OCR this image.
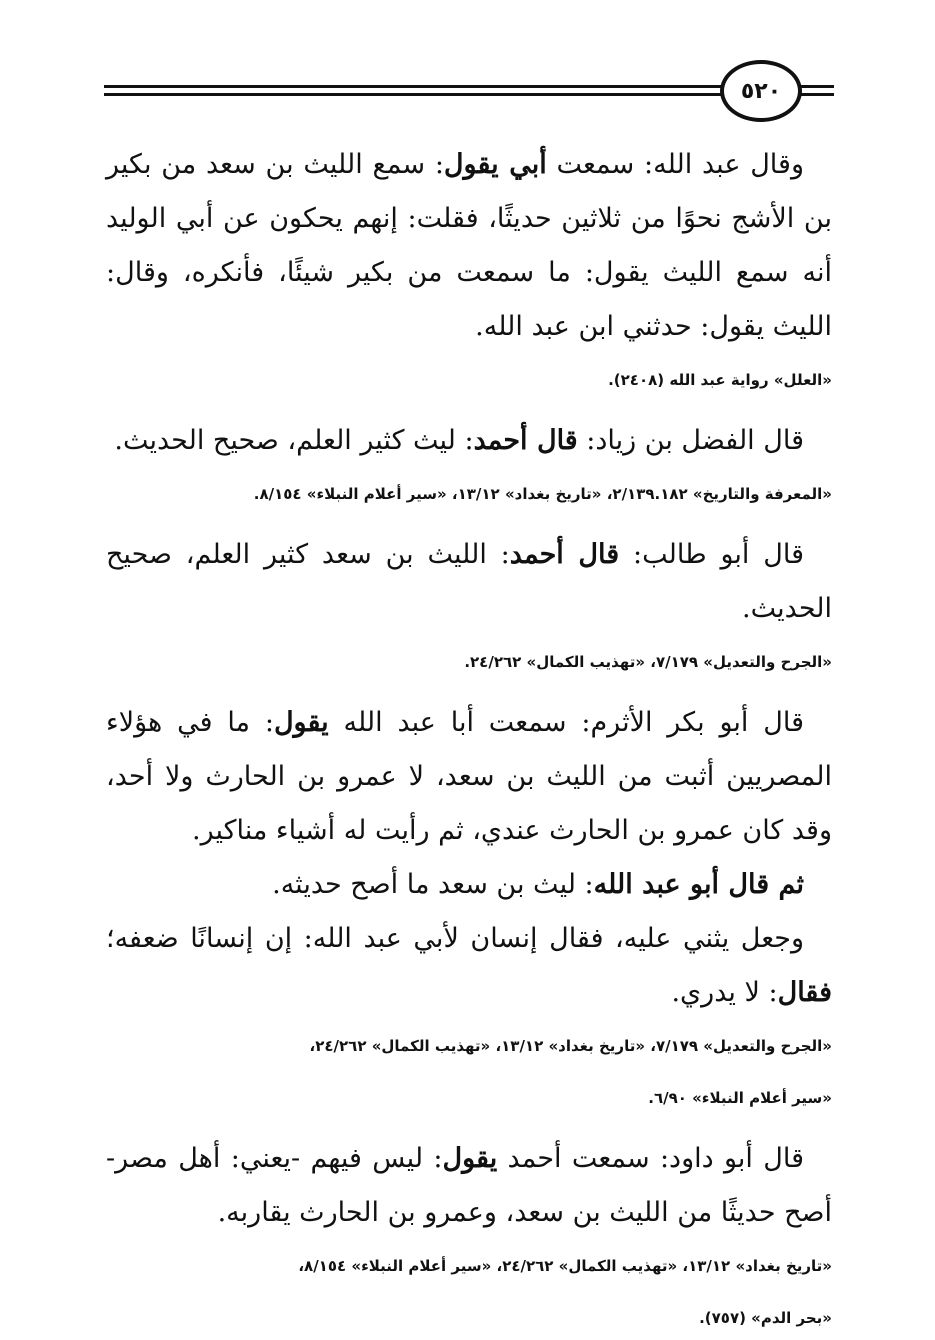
٥٢٠

وقال عبد الله: سمعت أبي يقول: سمع الليث بن سعد من بكير بن الأشج نحوًا من ثلاثين حديثًا، فقلت: إنهم يحكون عن أبي الوليد أنه سمع الليث يقول: ما سمعت من بكير شيئًا، فأنكره، وقال: الليث يقول: حدثني ابن عبد الله.

«العلل» رواية عبد الله (٢٤٠٨).

قال الفضل بن زياد: قال أحمد: ليث كثير العلم، صحيح الحديث.

«المعرفة والتاريخ» ٢/١٣٩.١٨٢، «تاريخ بغداد» ١٣/١٢، «سير أعلام النبلاء» ٨/١٥٤.

قال أبو طالب: قال أحمد: الليث بن سعد كثير العلم، صحيح الحديث.

«الجرح والتعديل» ٧/١٧٩، «تهذيب الكمال» ٢٤/٢٦٢.

قال أبو بكر الأثرم: سمعت أبا عبد الله يقول: ما في هؤلاء المصريين أثبت من الليث بن سعد، لا عمرو بن الحارث ولا أحد، وقد كان عمرو بن الحارث عندي، ثم رأيت له أشياء مناكير.

ثم قال أبو عبد الله: ليث بن سعد ما أصح حديثه.

وجعل يثني عليه، فقال إنسان لأبي عبد الله: إن إنسانًا ضعفه؛ فقال: لا يدري.

«الجرح والتعديل» ٧/١٧٩، «تاريخ بغداد» ١٣/١٢، «تهذيب الكمال» ٢٤/٢٦٢،

«سير أعلام النبلاء» ٦/٩٠.

قال أبو داود: سمعت أحمد يقول: ليس فيهم -يعني: أهل مصر- أصح حديثًا من الليث بن سعد، وعمرو بن الحارث يقاربه.

«تاريخ بغداد» ١٣/١٢، «تهذيب الكمال» ٢٤/٢٦٢، «سير أعلام النبلاء» ٨/١٥٤،

«بحر الدم» (٧٥٧).
